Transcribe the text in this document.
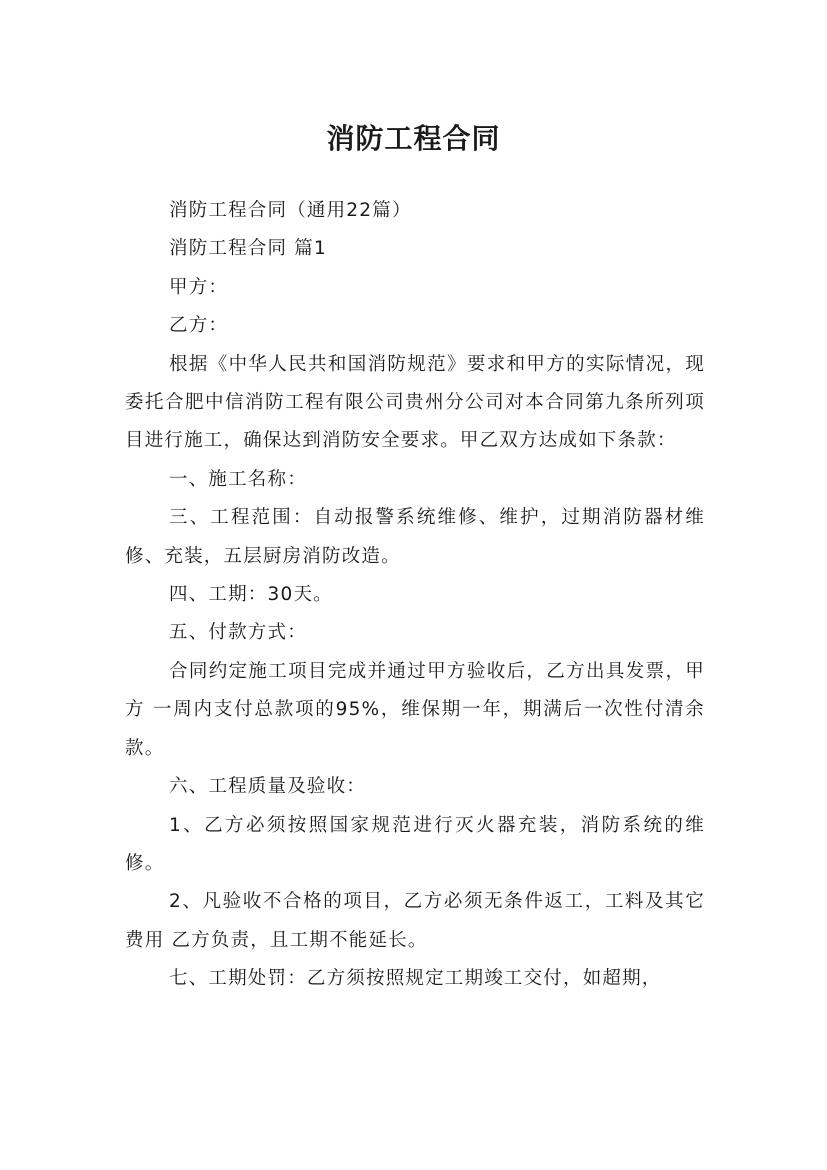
消防工程合同

消防工程合同（通用22篇）

消防工程合同 篇1

甲方：

乙方：

根据《中华人民共和国消防规范》要求和甲方的实际情况，现委托合肥中信消防工程有限公司贵州分公司对本合同第九条所列项目进行施工，确保达到消防安全要求。甲乙双方达成如下条款：

一、施工名称：

三、工程范围：自动报警系统维修、维护，过期消防器材维修、充装，五层厨房消防改造。

四、工期：30天。

五、付款方式：

合同约定施工项目完成并通过甲方验收后，乙方出具发票，甲方 一周内支付总款项的95%，维保期一年，期满后一次性付清余款。

六、工程质量及验收：

1、乙方必须按照国家规范进行灭火器充装，消防系统的维修。

2、凡验收不合格的项目，乙方必须无条件返工，工料及其它费用 乙方负责，且工期不能延长。

七、工期处罚：乙方须按照规定工期竣工交付，如超期，
